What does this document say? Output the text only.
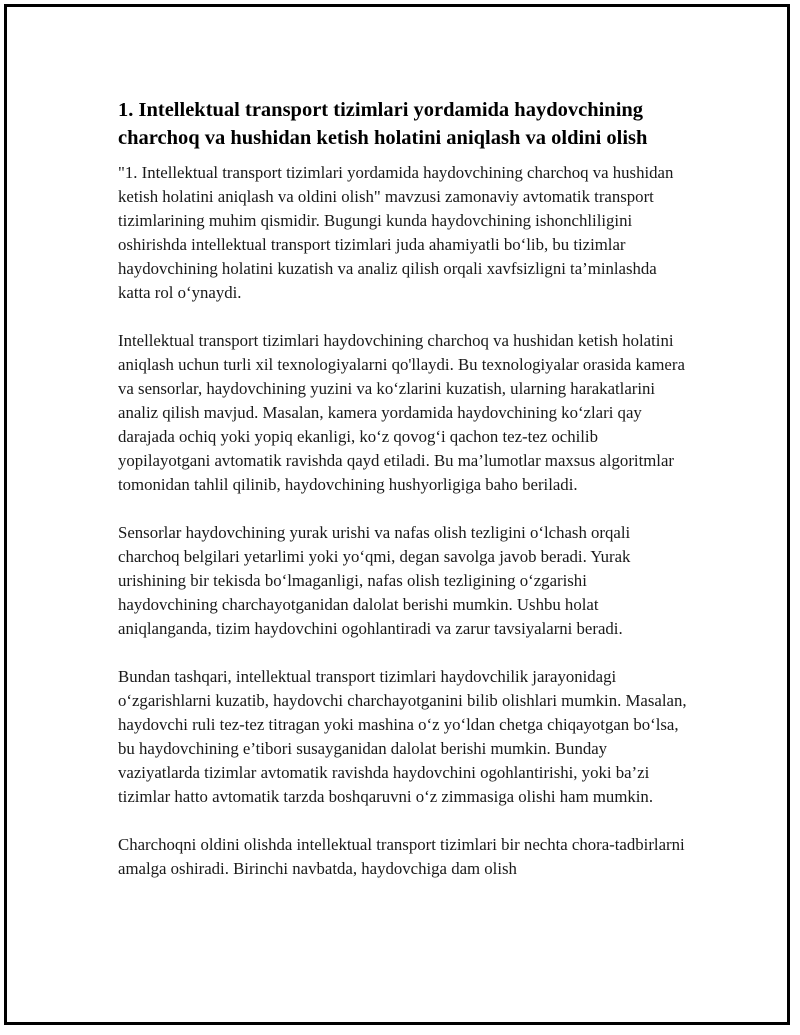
1. Intellektual transport tizimlari yordamida haydovchining charchoq va hushidan ketish holatini aniqlash va oldini olish

"1. Intellektual transport tizimlari yordamida haydovchining charchoq va hushidan ketish holatini aniqlash va oldini olish" mavzusi zamonaviy avtomatik transport tizimlarining muhim qismidir. Bugungi kunda haydovchining ishonchliligini oshirishda intellektual transport tizimlari juda ahamiyatli bo‘lib, bu tizimlar haydovchining holatini kuzatish va analiz qilish orqali xavfsizligni ta’minlashda katta rol o‘ynaydi.

Intellektual transport tizimlari haydovchining charchoq va hushidan ketish holatini aniqlash uchun turli xil texnologiyalarni qo'llaydi. Bu texnologiyalar orasida kamera va sensorlar, haydovchining yuzini va ko‘zlarini kuzatish, ularning harakatlarini analiz qilish mavjud. Masalan, kamera yordamida haydovchining ko‘zlari qay darajada ochiq yoki yopiq ekanligi, ko‘z qovog‘i qachon tez-tez ochilib yopilayotgani avtomatik ravishda qayd etiladi. Bu ma’lumotlar maxsus algoritmlar tomonidan tahlil qilinib, haydovchining hushyorligiga baho beriladi.

Sensorlar haydovchining yurak urishi va nafas olish tezligini o‘lchash orqali charchoq belgilari yetarlimi yoki yo‘qmi, degan savolga javob beradi. Yurak urishining bir tekisda bo‘lmaganligi, nafas olish tezligining o‘zgarishi haydovchining charchayotganidan dalolat berishi mumkin. Ushbu holat aniqlanganda, tizim haydovchini ogohlantiradi va zarur tavsiyalarni beradi.

Bundan tashqari, intellektual transport tizimlari haydovchilik jarayonidagi o‘zgarishlarni kuzatib, haydovchi charchayotganini bilib olishlari mumkin. Masalan, haydovchi ruli tez-tez titragan yoki mashina o‘z yo‘ldan chetga chiqayotgan bo‘lsa, bu haydovchining e’tibori susayganidan dalolat berishi mumkin. Bunday vaziyatlarda tizimlar avtomatik ravishda haydovchini ogohlantirishi, yoki ba’zi tizimlar hatto avtomatik tarzda boshqaruvni o‘z zimmasiga olishi ham mumkin.

Charchoqni oldini olishda intellektual transport tizimlari bir nechta chora-tadbirlarni amalga oshiradi. Birinchi navbatda, haydovchiga dam olish
